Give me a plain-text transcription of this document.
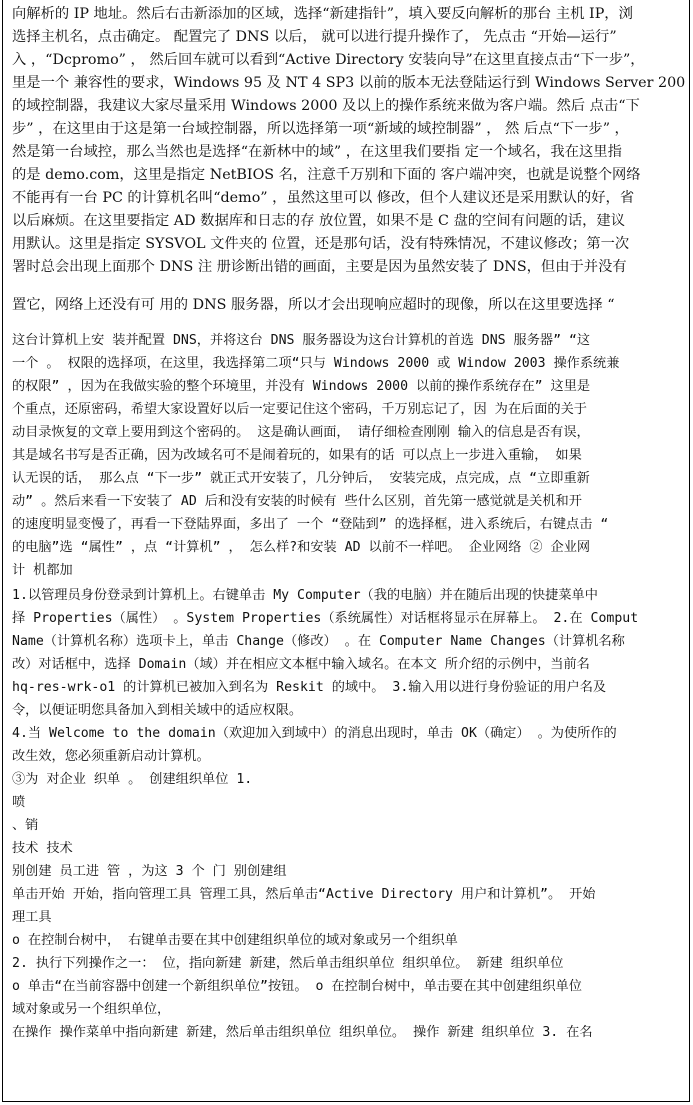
向解析的 IP 地址。然后右击新添加的区域，选择“新建指针”，填入要反向解析的那台 主机 IP，浏
选择主机名，点击确定。 配置完了 DNS 以后， 就可以进行提升操作了， 先点击 “开始—运行”
入 ，“Dcpromo” ， 然后回车就可以看到“Active Directory 安装向导”在这里直接点击“下一步”，
里是一个 兼容性的要求，Windows 95 及 NT 4 SP3 以前的版本无法登陆运行到 Windows Server 200
的域控制器，我建议大家尽量采用 Windows 2000 及以上的操作系统来做为客户端。然后 点击“下
步” ，在这里由于这是第一台域控制器，所以选择第一项“新域的域控制器” ， 然 后点“下一步” ，
然是第一台域控，那么当然也是选择“在新林中的域” ，在这里我们要指 定一个域名，我在这里指
的是 demo.com，这里是指定 NetBIOS 名，注意千万别和下面的 客户端冲突，也就是说整个网络
不能再有一台 PC 的计算机名叫“demo” ，虽然这里可以 修改，但个人建议还是采用默认的好，省
以后麻烦。在这里要指定 AD 数据库和日志的存 放位置，如果不是 C 盘的空间有问题的话，建议
用默认。这里是指定 SYSVOL 文件夹的 位置，还是那句话，没有特殊情况，不建议修改；第一次
署时总会出现上面那个 DNS 注 册诊断出错的画面，主要是因为虽然安装了 DNS，但由于并没有
置它，网络上还没有可 用的 DNS 服务器，所以才会出现响应超时的现像，所以在这里要选择 “
这台计算机上安 装并配置 DNS，并将这台 DNS 服务器设为这台计算机的首选 DNS 服务器” “这
一个 。 权限的选择项，在这里，我选择第二项“只与 Windows 2000 或 Window 2003 操作系统兼
的权限” ，因为在我做实验的整个环境里，并没有 Windows 2000 以前的操作系统存在” 这里是
个重点，还原密码，希望大家设置好以后一定要记住这个密码，千万别忘记了，因 为在后面的关于
动目录恢复的文章上要用到这个密码的。 这是确认画面， 请仔细检查刚刚 输入的信息是否有误，
其是域名书写是否正确，因为改域名可不是闹着玩的，如果有的话 可以点上一步进入重输， 如果
认无误的话， 那么点 “下一步” 就正式开安装了，几分钟后， 安装完成，点完成，点 “立即重新
动” 。然后来看一下安装了 AD 后和没有安装的时候有 些什么区别，首先第一感觉就是关机和开
的速度明显变慢了，再看一下登陆界面，多出了 一个 “登陆到” 的选择框，进入系统后，右键点击 “
的电脑”选 “属性” ，点 “计算机” ， 怎么样?和安装 AD 以前不一样吧。 企业网络 ② 企业网
计 机都加
1.以管理员身份登录到计算机上。右键单击 My Computer（我的电脑）并在随后出现的快捷菜单中
择 Properties（属性） 。System Properties（系统属性）对话框将显示在屏幕上。 2.在 Comput
Name（计算机名称）选项卡上，单击 Change（修改） 。在 Computer Name Changes（计算机名称
改）对话框中，选择 Domain（域）并在相应文本框中输入域名。在本文 所介绍的示例中，当前名
hq-res-wrk-o1 的计算机已被加入到名为 Reskit 的域中。 3.输入用以进行身份验证的用户名及
令，以便证明您具备加入到相关域中的适应权限。
4.当 Welcome to the domain（欢迎加入到域中）的消息出现时，单击 OK（确定） 。为使所作的
改生效，您必须重新启动计算机。
③为 对企业 织单 。 创建组织单位 1.
喷
、销
技术 技术
别创建 员工进 管 ，为这 3 个 门 别创建组
单击开始 开始，指向管理工具 管理工具，然后单击“Active Directory 用户和计算机”。 开始
理工具
o 在控制台树中， 右键单击要在其中创建组织单位的域对象或另一个组织单
2. 执行下列操作之一： 位，指向新建 新建，然后单击组织单位 组织单位。 新建 组织单位
o 单击“在当前容器中创建一个新组织单位”按钮。 o 在控制台树中，单击要在其中创建组织单位
域对象或另一个组织单位，
在操作 操作菜单中指向新建 新建，然后单击组织单位 组织单位。 操作 新建 组织单位 3. 在名
